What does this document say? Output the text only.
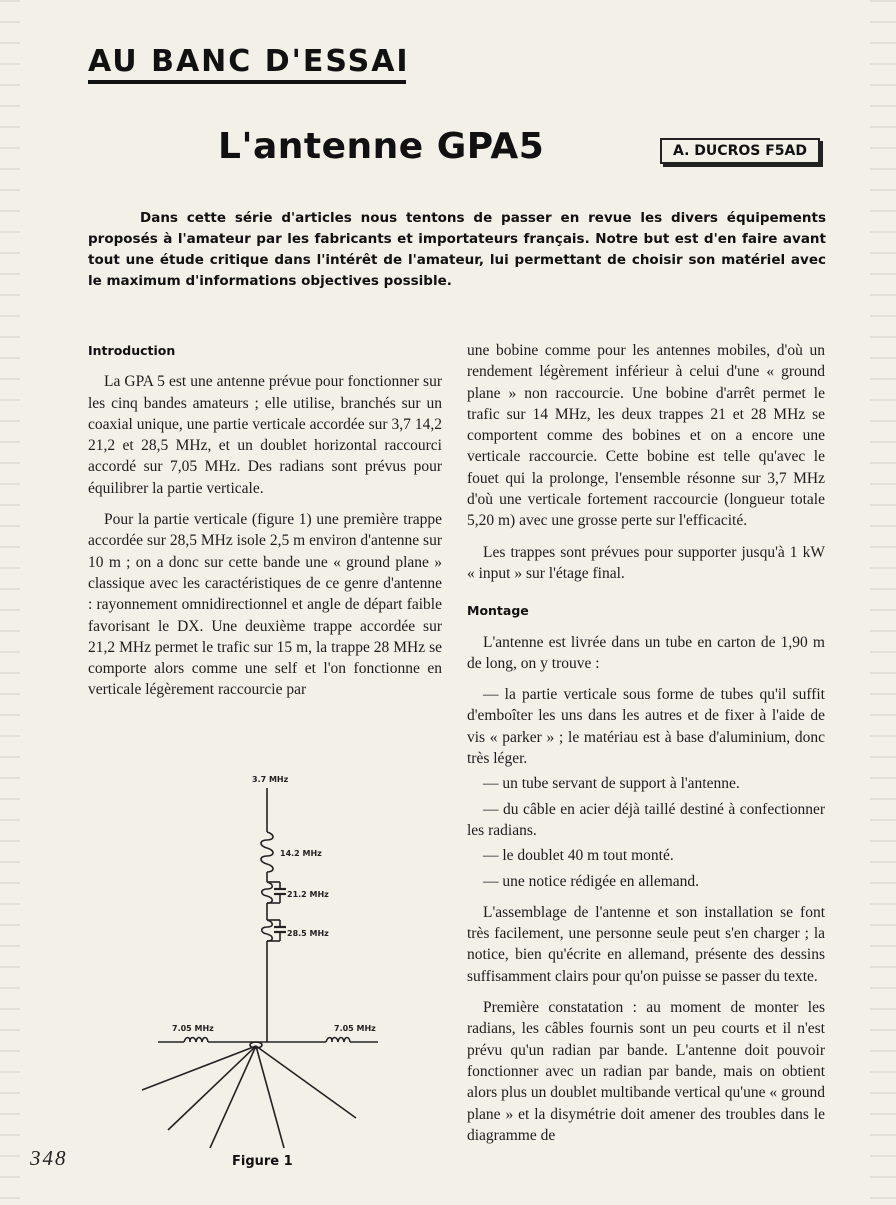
AU BANC D'ESSAI
L'antenne GPA5	A. DUCROS F5AD

Dans cette série d'articles nous tentons de passer en revue les divers équipements proposés à l'amateur par les fabricants et importateurs français. Notre but est d'en faire avant tout une étude critique dans l'intérêt de l'amateur, lui permettant de choisir son matériel avec le maximum d'informations objectives possible.

Introduction

La GPA 5 est une antenne prévue pour fonctionner sur les cinq bandes amateurs ; elle utilise, branchés sur un coaxial unique, une partie verticale accordée sur 3,7 14,2 21,2 et 28,5 MHz, et un doublet horizontal raccourci accordé sur 7,05 MHz. Des radians sont prévus pour équilibrer la partie verticale.

Pour la partie verticale (figure 1) une première trappe accordée sur 28,5 MHz isole 2,5 m environ d'antenne sur 10 m ; on a donc sur cette bande une « ground plane » classique avec les caractéristiques de ce genre d'antenne : rayonnement omnidirectionnel et angle de départ faible favorisant le DX. Une deuxième trappe accordée sur 21,2 MHz permet le trafic sur 15 m, la trappe 28 MHz se comporte alors comme une self et l'on fonctionne en verticale légèrement raccourcie par

une bobine comme pour les antennes mobiles, d'où un rendement légèrement inférieur à celui d'une « ground plane » non raccourcie. Une bobine d'arrêt permet le trafic sur 14 MHz, les deux trappes 21 et 28 MHz se comportent comme des bobines et on a encore une verticale raccourcie. Cette bobine est telle qu'avec le fouet qui la prolonge, l'ensemble résonne sur 3,7 MHz d'où une verticale fortement raccourcie (longueur totale 5,20 m) avec une grosse perte sur l'efficacité.

Les trappes sont prévues pour supporter jusqu'à 1 kW « input » sur l'étage final.

Montage

L'antenne est livrée dans un tube en carton de 1,90 m de long, on y trouve :

— la partie verticale sous forme de tubes qu'il suffit d'emboîter les uns dans les autres et de fixer à l'aide de vis « parker » ; le matériau est à base d'aluminium, donc très léger.

— un tube servant de support à l'antenne.

— du câble en acier déjà taillé destiné à confectionner les radians.

— le doublet 40 m tout monté.

— une notice rédigée en allemand.

L'assemblage de l'antenne et son installation se font très facilement, une personne seule peut s'en charger ; la notice, bien qu'écrite en allemand, présente des dessins suffisamment clairs pour qu'on puisse se passer du texte.

Première constatation : au moment de monter les radians, les câbles fournis sont un peu courts et il n'est prévu qu'un radian par bande. L'antenne doit pouvoir fonctionner avec un radian par bande, mais on obtient alors plus un doublet multibande vertical qu'une « ground plane » et la disymétrie doit amener des troubles dans le diagramme de

3.7 MHz
14.2 MHz
21.2 MHz
28.5 MHz
7.05 MHz	7.05 MHz
Figure 1
348
